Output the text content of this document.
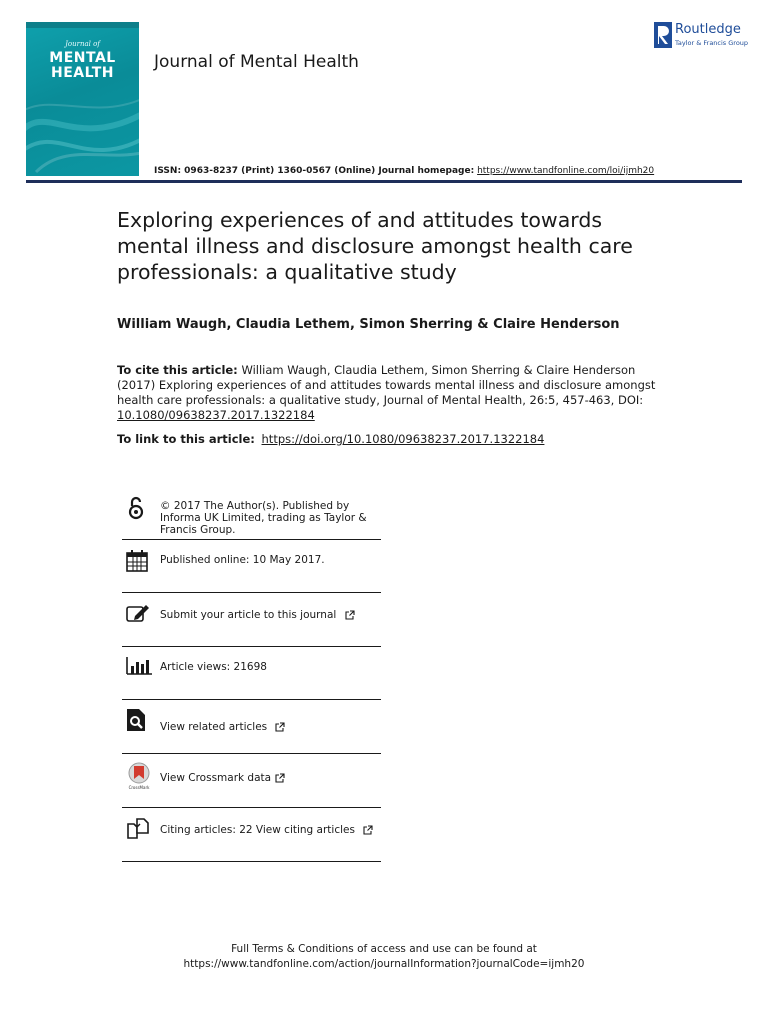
Journal of
MENTAL
HEALTH
Journal of Mental Health
Routledge
Taylor & Francis Group
ISSN: 0963-8237 (Print) 1360-0567 (Online) Journal homepage: https://www.tandfonline.com/loi/ijmh20
Exploring experiences of and attitudes towards mental illness and disclosure amongst health care professionals: a qualitative study
William Waugh, Claudia Lethem, Simon Sherring & Claire Henderson
To cite this article: William Waugh, Claudia Lethem, Simon Sherring & Claire Henderson (2017) Exploring experiences of and attitudes towards mental illness and disclosure amongst health care professionals: a qualitative study, Journal of Mental Health, 26:5, 457-463, DOI: 10.1080/09638237.2017.1322184
To link to this article: https://doi.org/10.1080/09638237.2017.1322184
© 2017 The Author(s). Published by Informa UK Limited, trading as Taylor & Francis Group.
Published online: 10 May 2017.
Submit your article to this journal
Article views: 21698
View related articles
CrossMark
View Crossmark data
Citing articles: 22 View citing articles
Full Terms & Conditions of access and use can be found at
https://www.tandfonline.com/action/journalInformation?journalCode=ijmh20
